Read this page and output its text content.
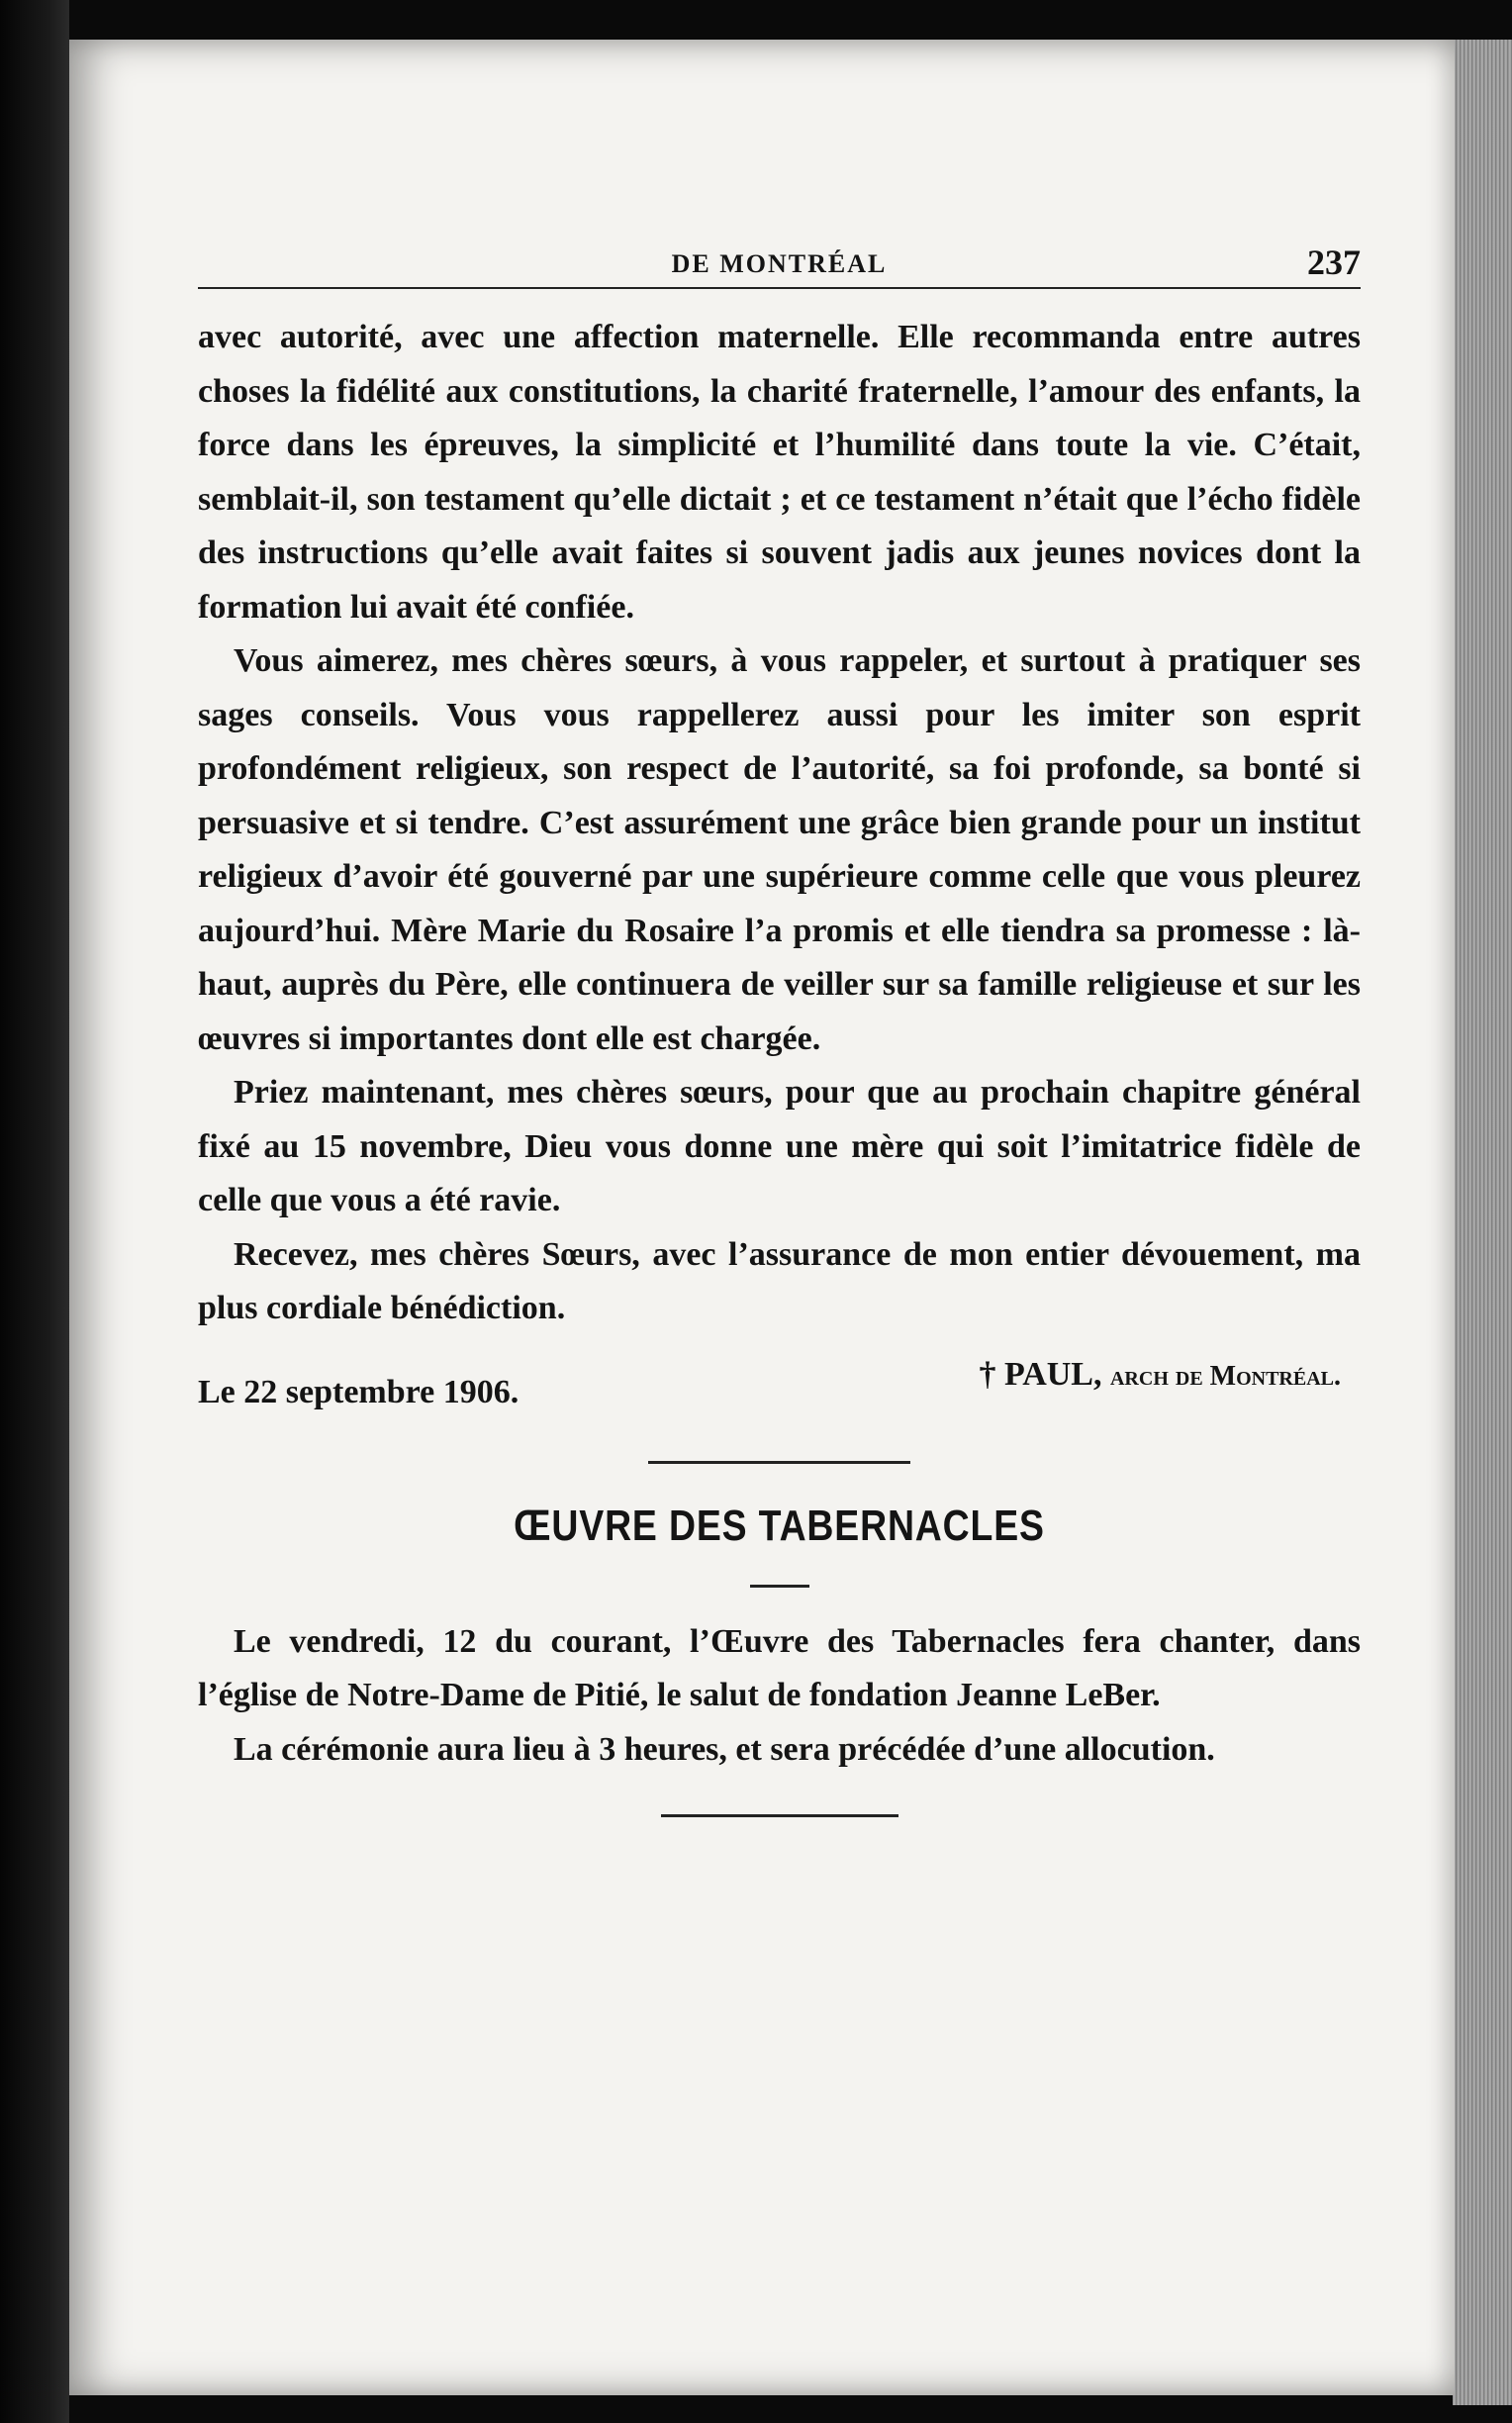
DE MONTRÉAL	237

avec autorité, avec une affection maternelle. Elle recommanda entre autres choses la fidélité aux constitutions, la charité fraternelle, l’amour des enfants, la force dans les épreuves, la simplicité et l’humilité dans toute la vie. C’était, semblait-il, son testament qu’elle dictait ; et ce testament n’était que l’écho fidèle des instructions qu’elle avait faites si souvent jadis aux jeunes novices dont la formation lui avait été confiée.

Vous aimerez, mes chères sœurs, à vous rappeler, et surtout à pratiquer ses sages conseils. Vous vous rappellerez aussi pour les imiter son esprit profondément religieux, son respect de l’autorité, sa foi profonde, sa bonté si persuasive et si tendre. C’est assurément une grâce bien grande pour un institut religieux d’avoir été gouverné par une supérieure comme celle que vous pleurez aujourd’hui. Mère Marie du Rosaire l’a promis et elle tiendra sa promesse : là-haut, auprès du Père, elle continuera de veiller sur sa famille religieuse et sur les œuvres si importantes dont elle est chargée.

Priez maintenant, mes chères sœurs, pour que au prochain chapitre général fixé au 15 novembre, Dieu vous donne une mère qui soit l’imitatrice fidèle de celle que vous a été ravie.

Recevez, mes chères Sœurs, avec l’assurance de mon entier dévouement, ma plus cordiale bénédiction.

Le 22 septembre 1906.	† PAUL, arch de Montréal.
ŒUVRE DES TABERNACLES

Le vendredi, 12 du courant, l’Œuvre des Tabernacles fera chanter, dans l’église de Notre-Dame de Pitié, le salut de fondation Jeanne LeBer.

La cérémonie aura lieu à 3 heures, et sera précédée d’une allocution.
